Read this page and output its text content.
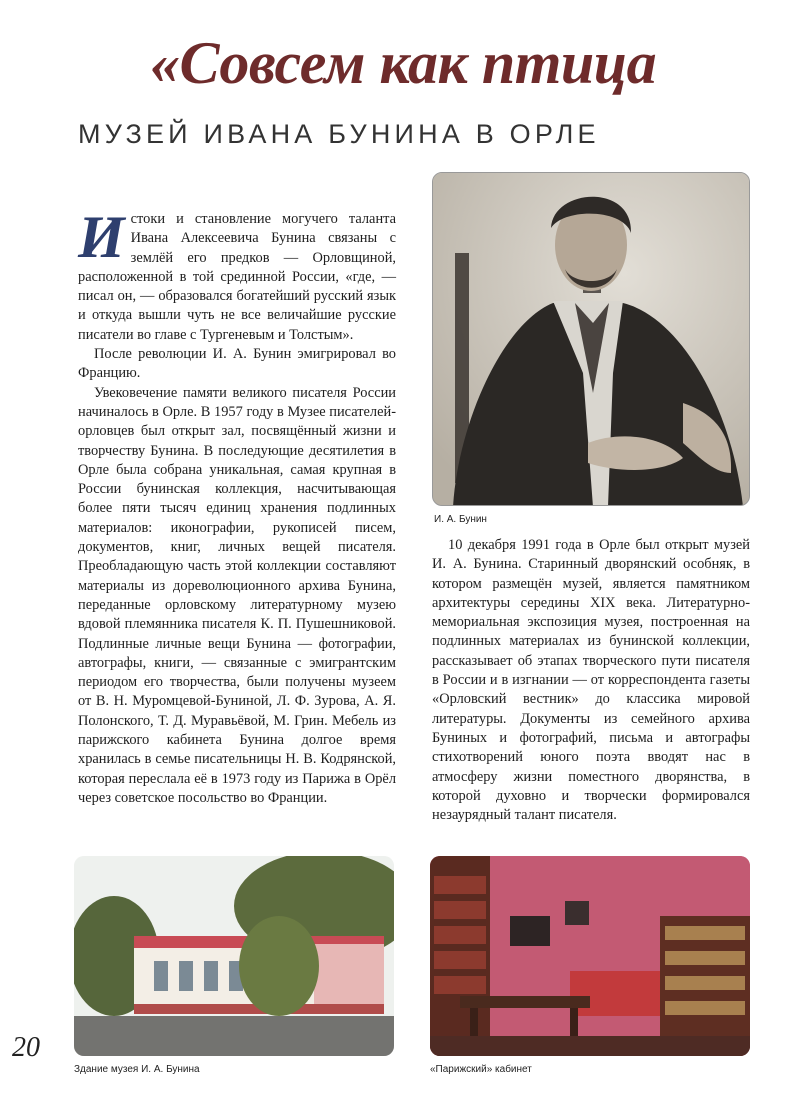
«Совсем как птица
МУЗЕЙ ИВАНА БУНИНА В ОРЛЕ

Истоки и становление могучего таланта Ивана Алексеевича Бунина связаны с землёй его предков — Орловщиной, расположенной в той срединной России, «где, — писал он, — образовался богатейший русский язык и откуда вышли чуть не все величайшие русские писатели во главе с Тургеневым и Толстым».

После революции И. А. Бунин эмигрировал во Францию.

Увековечение памяти великого писателя России начиналось в Орле. В 1957 году в Музее писателей-орловцев был открыт зал, посвящённый жизни и творчеству Бунина. В последующие десятилетия в Орле была собрана уникальная, самая крупная в России бунинская коллекция, насчитывающая более пяти тысяч единиц хранения подлинных материалов: иконографии, рукописей писем, документов, книг, личных вещей писателя. Преобладающую часть этой коллекции составляют материалы из дореволюционного архива Бунина, переданные орловскому литературному музею вдовой племянника писателя К. П. Пушешниковой. Подлинные личные вещи Бунина — фотографии, автографы, книги, — связанные с эмигрантским периодом его творчества, были получены музеем от В. Н. Муромцевой-Буниной, Л. Ф. Зурова, А. Я. Полонского, Т. Д. Муравьёвой, М. Грин. Мебель из парижского кабинета Бунина долгое время хранилась в семье писательницы Н. В. Кодрянской, которая переслала её в 1973 году из Парижа в Орёл через советское посольство во Франции.

И. А. Бунин

10 декабря 1991 года в Орле был открыт музей И. А. Бунина. Старинный дворянский особняк, в котором размещён музей, является памятником архитектуры середины XIX века. Литературно-мемориальная экспозиция музея, построенная на подлинных материалах из бунинской коллекции, рассказывает об этапах творческого пути писателя в России и в изгнании — от корреспондента газеты «Орловский вестник» до классика мировой литературы. Документы из семейного архива Буниных и фотографий, письма и автографы стихотворений юного поэта вводят нас в атмосферу жизни поместного дворянства, в которой духовно и творчески формировался незаурядный талант писателя.

Здание музея И. А. Бунина	«Парижский» кабинет
20
